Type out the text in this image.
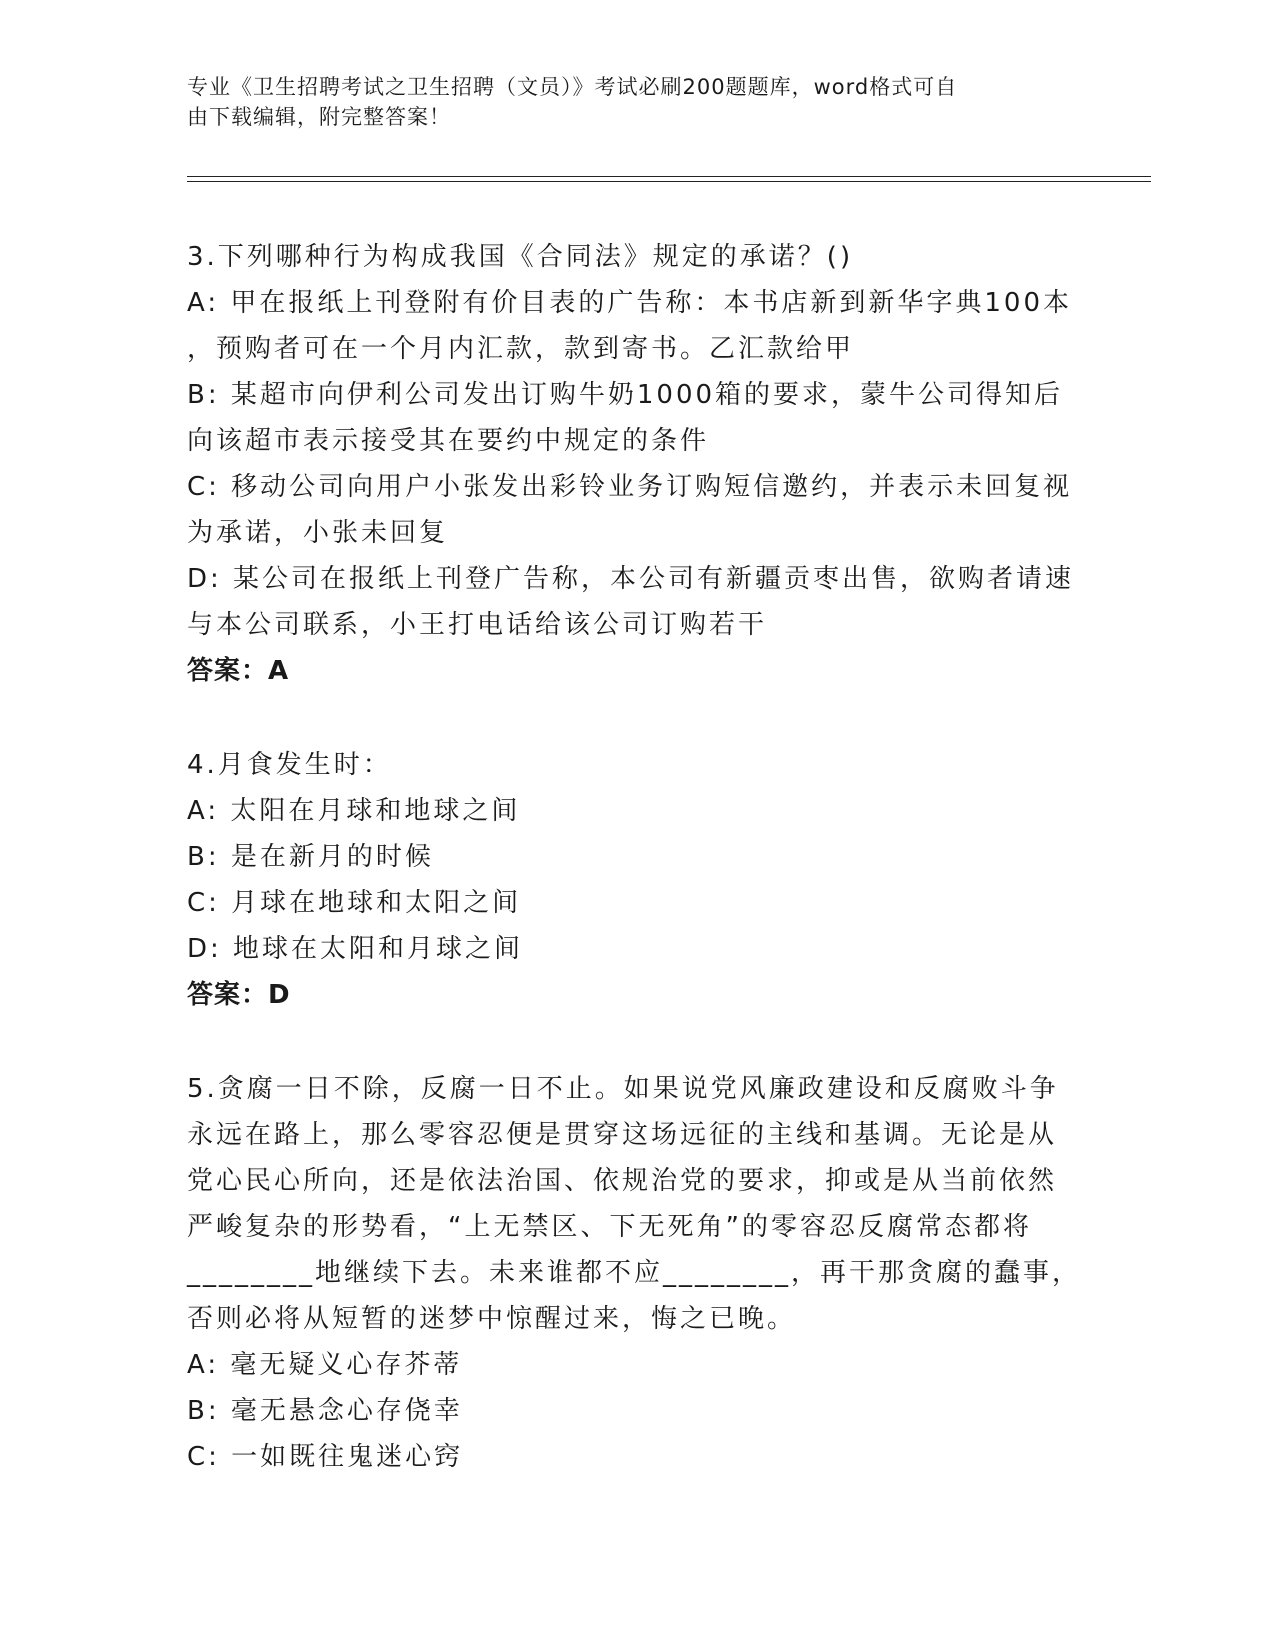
专业《卫生招聘考试之卫生招聘（文员）》考试必刷200题题库，word格式可自

由下载编辑，附完整答案！

3.下列哪种行为构成我国《合同法》规定的承诺？()

A: 甲在报纸上刊登附有价目表的广告称：本书店新到新华字典100本

，预购者可在一个月内汇款，款到寄书。乙汇款给甲

B: 某超市向伊利公司发出订购牛奶1000箱的要求，蒙牛公司得知后

向该超市表示接受其在要约中规定的条件

C: 移动公司向用户小张发出彩铃业务订购短信邀约，并表示未回复视

为承诺，小张未回复

D: 某公司在报纸上刊登广告称，本公司有新疆贡枣出售，欲购者请速

与本公司联系，小王打电话给该公司订购若干

答案：A

4.月食发生时：

A: 太阳在月球和地球之间

B: 是在新月的时候

C: 月球在地球和太阳之间

D: 地球在太阳和月球之间

答案：D

5.贪腐一日不除，反腐一日不止。如果说党风廉政建设和反腐败斗争

永远在路上，那么零容忍便是贯穿这场远征的主线和基调。无论是从

党心民心所向，还是依法治国、依规治党的要求，抑或是从当前依然

严峻复杂的形势看，“上无禁区、下无死角”的零容忍反腐常态都将

________地继续下去。未来谁都不应________，再干那贪腐的蠢事，

否则必将从短暂的迷梦中惊醒过来，悔之已晚。

A: 毫无疑义心存芥蒂

B: 毫无悬念心存侥幸

C: 一如既往鬼迷心窍
